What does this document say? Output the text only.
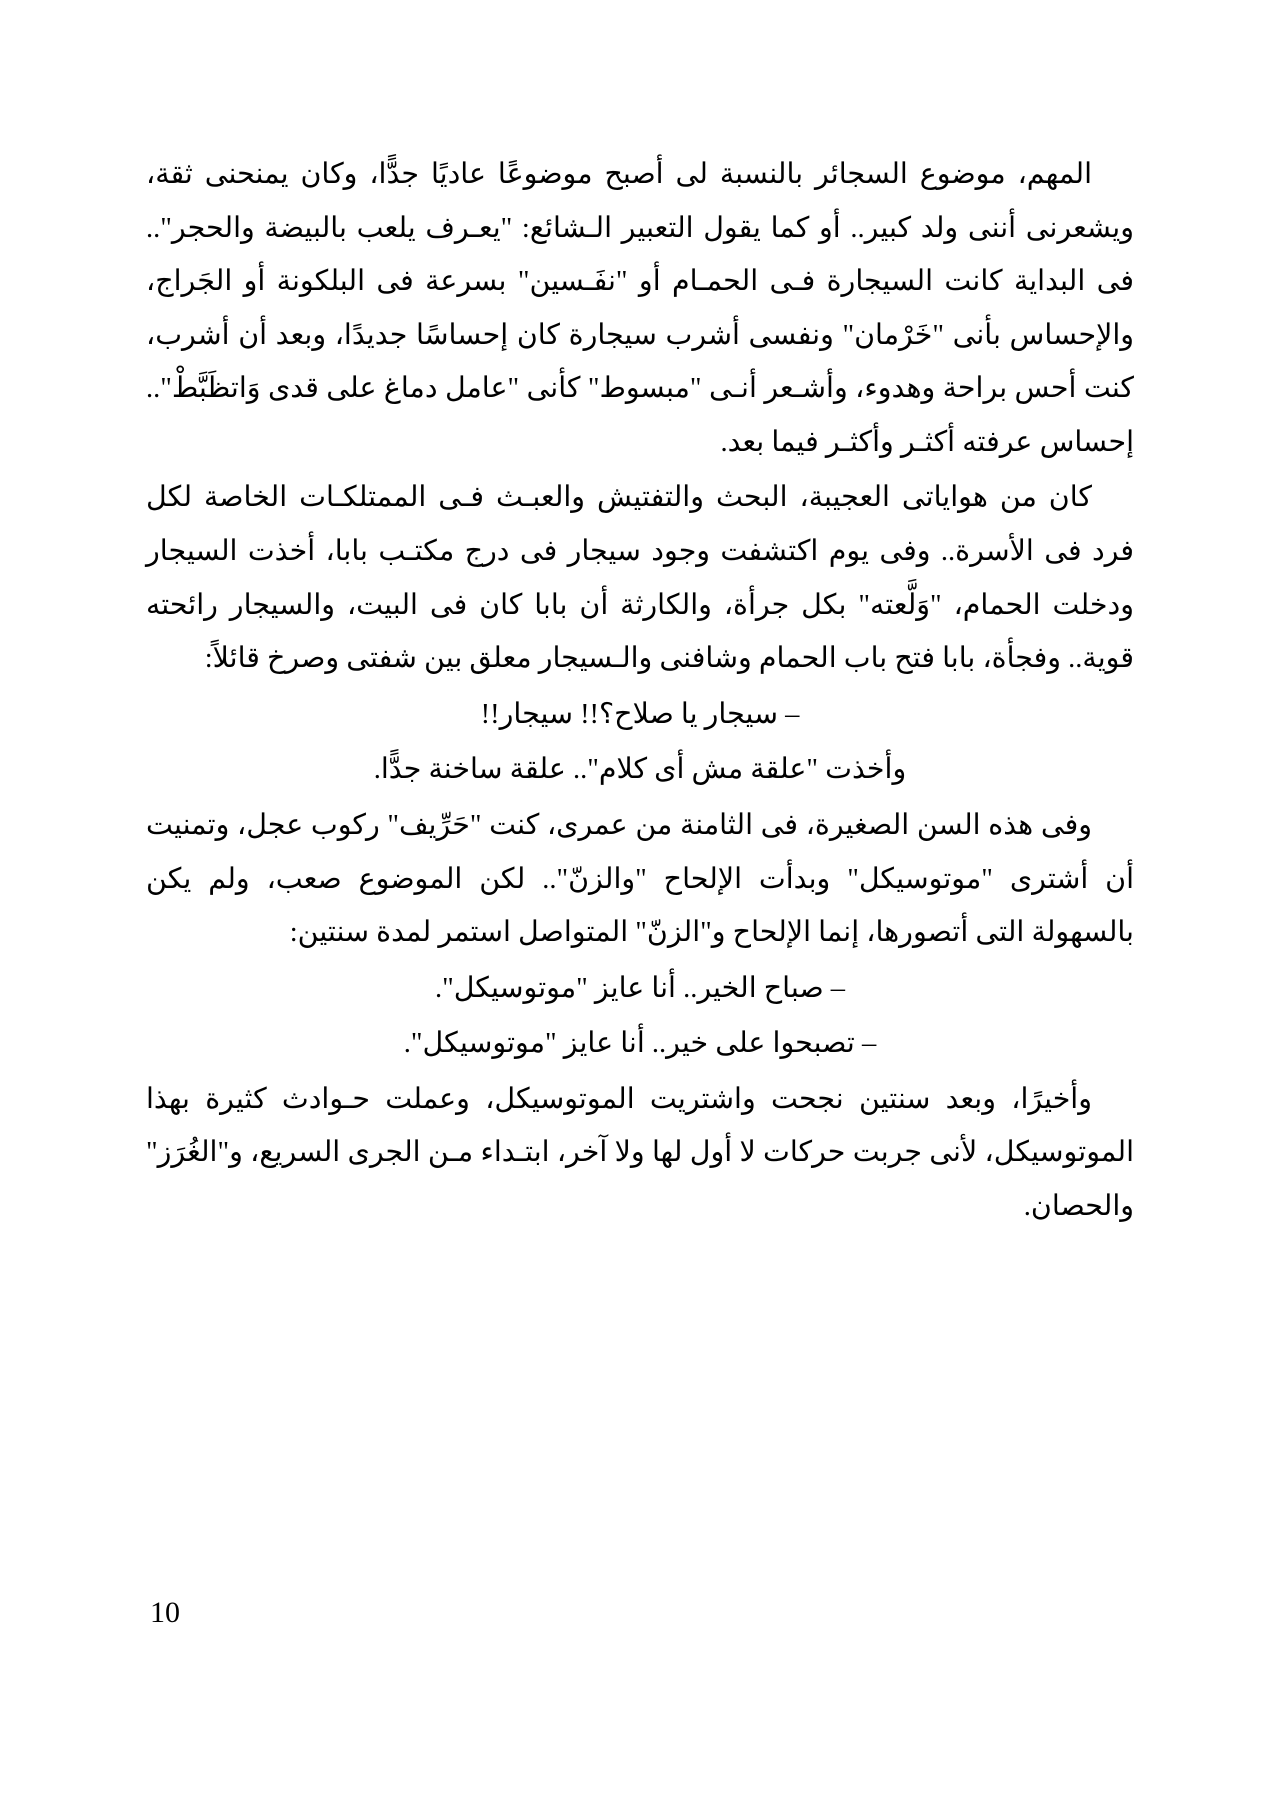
المهم، موضوع السجائر بالنسبة لى أصبح موضوعًا عاديًا جدًّا، وكان يمنحنى ثقة، ويشعرنى أننى ولد كبير.. أو كما يقول التعبير الـشائع: "يعـرف يلعب بالبيضة والحجر".. فى البداية كانت السيجارة فـى الحمـام أو "نفَـسين" بسرعة فى البلكونة أو الجَراج، والإحساس بأنى "خَرْمان" ونفسى أشرب سيجارة كان إحساسًا جديدًا، وبعد أن أشرب، كنت أحس براحة وهدوء، وأشـعر أنـى "مبسوط" كأنى "عامل دماغ على قدى وَاتظَبَّطْ".. إحساس عرفته أكثـر وأكثـر فيما بعد.

كان من هواياتى العجيبة، البحث والتفتيش والعبـث فـى الممتلكـات الخاصة لكل فرد فى الأسرة.. وفى يوم اكتشفت وجود سيجار فى درج مكتـب بابا، أخذت السيجار ودخلت الحمام، "وَلَّعته" بكل جرأة، والكارثة أن بابا كان فى البيت، والسيجار رائحته قوية.. وفجأة، بابا فتح باب الحمام وشافنى والـسيجار معلق بين شفتى وصرخ قائلاً:

– سيجار يا صلاح؟!! سيجار!!

وأخذت "علقة مش أى كلام".. علقة ساخنة جدًّا.

وفى هذه السن الصغيرة، فى الثامنة من عمرى، كنت "حَرِّيف" ركوب عجل، وتمنيت أن أشترى "موتوسيكل" وبدأت الإلحاح "والزنّ".. لكن الموضوع صعب، ولم يكن بالسهولة التى أتصورها، إنما الإلحاح و"الزنّ" المتواصل استمر لمدة سنتين:

– صباح الخير.. أنا عايز "موتوسيكل".

– تصبحوا على خير.. أنا عايز "موتوسيكل".

وأخيرًا، وبعد سنتين نجحت واشتريت الموتوسيكل، وعملت حـوادث كثيرة بهذا الموتوسيكل، لأنى جربت حركات لا أول لها ولا آخر، ابتـداء مـن الجرى السريع، و"الغُرَز" والحصان.

10
